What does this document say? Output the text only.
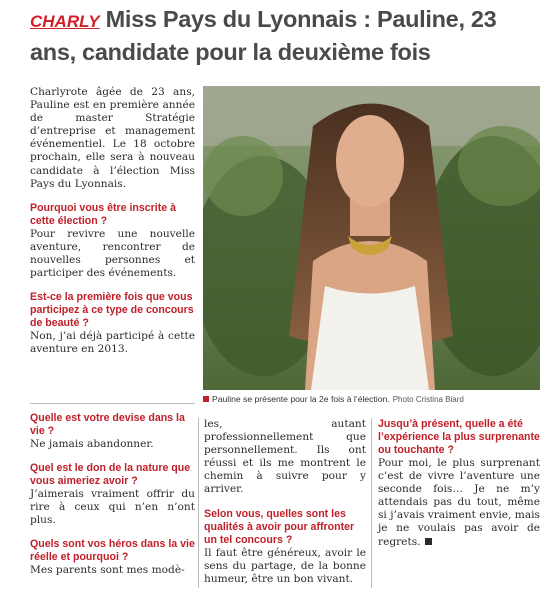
CHARLY Miss Pays du Lyonnais : Pauline, 23 ans, candidate pour la deuxième fois

Charlyrote âgée de 23 ans, Pauline est en première année de master Stratégie d’entreprise et management événementiel. Le 18 octobre prochain, elle sera à nouveau candidate à l’élection Miss Pays du Lyonnais.

Pourquoi vous être inscrite à cette élection ?

Pour revivre une nouvelle aventure, rencontrer de nouvelles personnes et participer des événements.

Est-ce la première fois que vous participez à ce type de concours de beauté ?

Non, j’ai déjà participé à cette aventure en 2013.

Pauline se présente pour la 2e fois à l’élection. Photo Cristina Biard
Quelle est votre devise dans la vie ?

Ne jamais abandonner.

Quel est le don de la nature que vous aimeriez avoir ?

J’aimerais vraiment offrir du rire à ceux qui n’en n’ont plus.

Quels sont vos héros dans la vie réelle et pourquoi ?

Mes parents sont mes modè-

les, autant professionnellement que personnellement. Ils ont réussi et ils me montrent le chemin à suivre pour y arriver.

Selon vous, quelles sont les qualités à avoir pour affronter un tel concours ?

Il faut être généreux, avoir le sens du partage, de la bonne humeur, être un bon vivant.

Jusqu’à présent, quelle a été l’expérience la plus surprenante ou touchante ?

Pour moi, le plus surprenant c’est de vivre l’aventure une seconde fois… Je ne m’y attendais pas du tout, même si j’avais vraiment envie, mais je ne voulais pas avoir de regrets.
